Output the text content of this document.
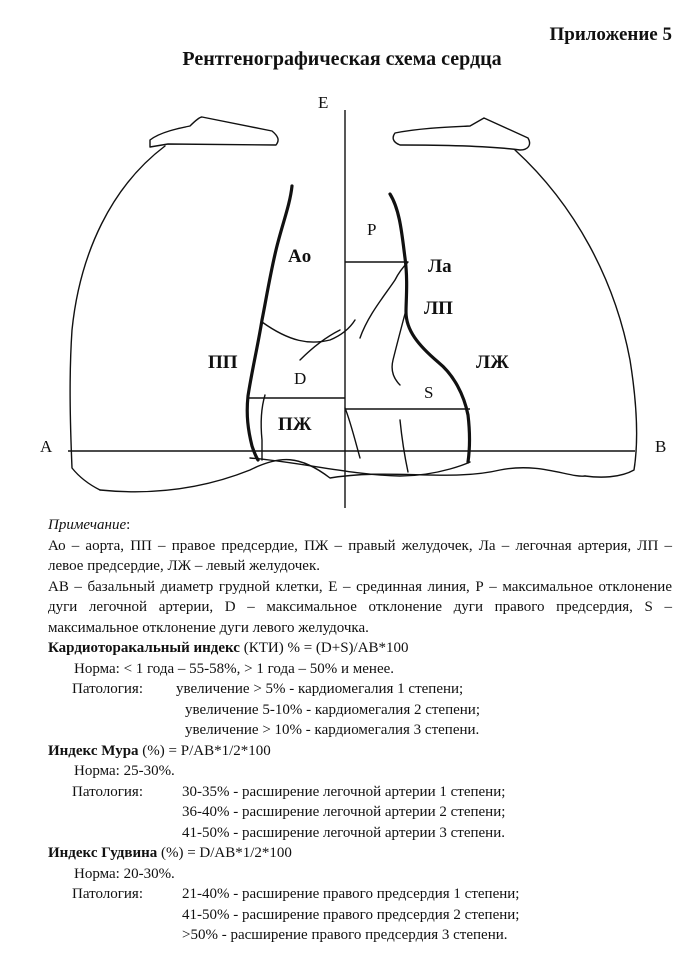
Приложение 5
Рентгенографическая схема сердца
E
A	B
Ao	Ла
ЛП
ПП	ЛЖ
ПЖ
P
D
S
Примечание:

Ао – аорта, ПП – правое предсердие, ПЖ – правый желудочек, Ла – легочная артерия, ЛП – левое предсердие, ЛЖ – левый желудочек.

АВ – базальный диаметр грудной клетки, Е – срединная линия, Р – максимальное отклонение дуги легочной артерии, D – максимальное отклонение дуги правого предсердия, S – максимальное отклонение дуги левого желудочка.

Кардиоторакальный индекс (КТИ) % = (D+S)/AB*100
Норма: < 1 года – 55-58%, > 1 года – 50% и менее.
Патология: увеличение > 5% - кардиомегалия 1 степени;
увеличение 5-10% - кардиомегалия 2 степени;
увеличение > 10% - кардиомегалия 3 степени.
Индекс Мура (%) = P/AB*1/2*100
Норма: 25-30%.
Патология:	30-35% - расширение легочной артерии 1 степени;
36-40% - расширение легочной артерии 2 степени;
41-50% - расширение легочной артерии 3 степени.
Индекс Гудвина (%) = D/AB*1/2*100
Норма: 20-30%.
Патология:	21-40% - расширение правого предсердия 1 степени;
41-50% - расширение правого предсердия 2 степени;
>50% - расширение правого предсердия 3 степени.
